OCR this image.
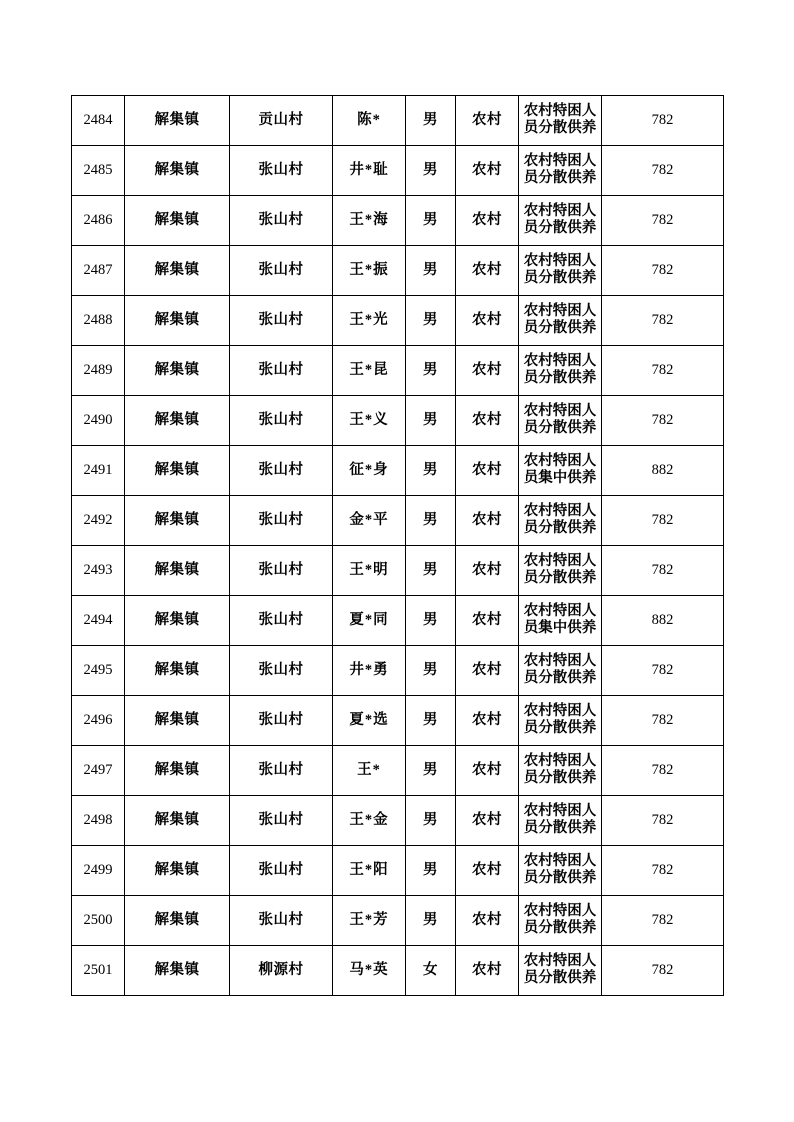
2484	解集镇	贡山村	陈*	男	农村	农村特困人员分散供养	782
2485	解集镇	张山村	井*耻	男	农村	农村特困人员分散供养	782
2486	解集镇	张山村	王*海	男	农村	农村特困人员分散供养	782
2487	解集镇	张山村	王*振	男	农村	农村特困人员分散供养	782
2488	解集镇	张山村	王*光	男	农村	农村特困人员分散供养	782
2489	解集镇	张山村	王*昆	男	农村	农村特困人员分散供养	782
2490	解集镇	张山村	王*义	男	农村	农村特困人员分散供养	782
2491	解集镇	张山村	征*身	男	农村	农村特困人员集中供养	882
2492	解集镇	张山村	金*平	男	农村	农村特困人员分散供养	782
2493	解集镇	张山村	王*明	男	农村	农村特困人员分散供养	782
2494	解集镇	张山村	夏*同	男	农村	农村特困人员集中供养	882
2495	解集镇	张山村	井*勇	男	农村	农村特困人员分散供养	782
2496	解集镇	张山村	夏*选	男	农村	农村特困人员分散供养	782
2497	解集镇	张山村	王*	男	农村	农村特困人员分散供养	782
2498	解集镇	张山村	王*金	男	农村	农村特困人员分散供养	782
2499	解集镇	张山村	王*阳	男	农村	农村特困人员分散供养	782
2500	解集镇	张山村	王*芳	男	农村	农村特困人员分散供养	782
2501	解集镇	柳源村	马*英	女	农村	农村特困人员分散供养	782
